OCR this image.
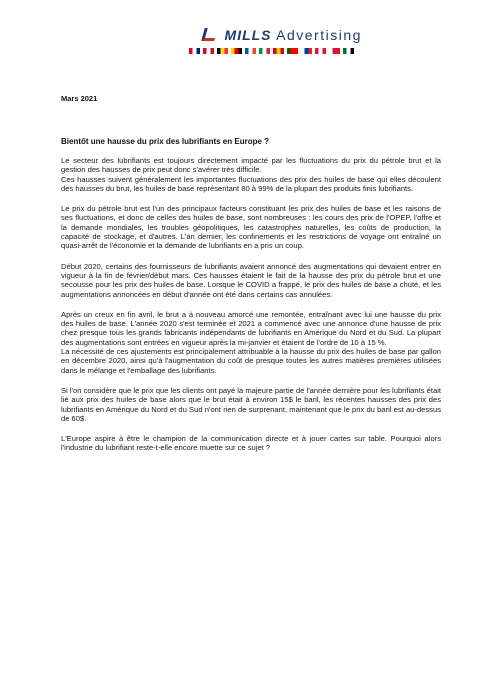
MILLS Advertising
Mars 2021
Bientôt une hausse du prix des lubrifiants en Europe ?

Le secteur des lubrifiants est toujours directement impacté par les fluctuations du prix du pétrole brut et la gestion des hausses de prix peut donc s'avérer très difficile.

Ces hausses suivent généralement les importantes fluctuations des prix des huiles de base qui elles découlent des hausses du brut, les huiles de base représentant 80 à 99% de la plupart des produits finis lubrifiants.

Le prix du pétrole brut est l'un des principaux facteurs constituant les prix des huiles de base et les raisons de ses fluctuations, et donc de celles des huiles de base, sont nombreuses : les cours des prix de l'OPEP, l'offre et la demande mondiales, les troubles géopolitiques, les catastrophes naturelles, les coûts de production, la capacité de stockage, et d'autres. L'an dernier, les confinements et les restrictions de voyage ont entraîné un quasi-arrêt de l'économie et la demande de lubrifiants en a pris un coup.

Début 2020, certains des fournisseurs de lubrifiants avaient annoncé des augmentations qui devaient entrer en vigueur à la fin de février/début mars. Ces hausses étaient le fait de la hausse des prix du pétrole brut et une secousse pour les prix des huiles de base. Lorsque le COVID a frappé, le prix des huiles de base a chuté, et les augmentations annoncées en début d'année ont été dans certains cas annulées.

Après un creux en fin avril, le brut a à nouveau amorcé une remontée, entraînant avec lui une hausse du prix des huiles de base. L'année 2020 s'est terminée et 2021 a commencé avec une annonce d'une hausse de prix chez presque tous les grands fabricants indépendants de lubrifiants en Amérique du Nord et du Sud. La plupart des augmentations sont entrées en vigueur après la mi-janvier et étaient de l'ordre de 10 à 15 %.

La nécessité de ces ajustements est principalement attribuable à la hausse du prix des huiles de base par gallon en décembre 2020, ainsi qu'à l'augmentation du coût de presque toutes les autres matières premières utilisées dans le mélange et l'emballage des lubrifiants.

Si l'on considère que le prix que les clients ont payé la majeure partie de l'année dernière pour les lubrifiants était lié aux prix des huiles de base alors que le brut était à environ 15$ le baril, les récentes hausses des prix des lubrifiants en Amérique du Nord et du Sud n'ont rien de surprenant, maintenant que le prix du baril est au-dessus de 60$.

L'Europe aspire à être le champion de la communication directe et à jouer cartes sur table. Pourquoi alors l'industrie du lubrifiant reste-t-elle encore muette sur ce sujet ?
